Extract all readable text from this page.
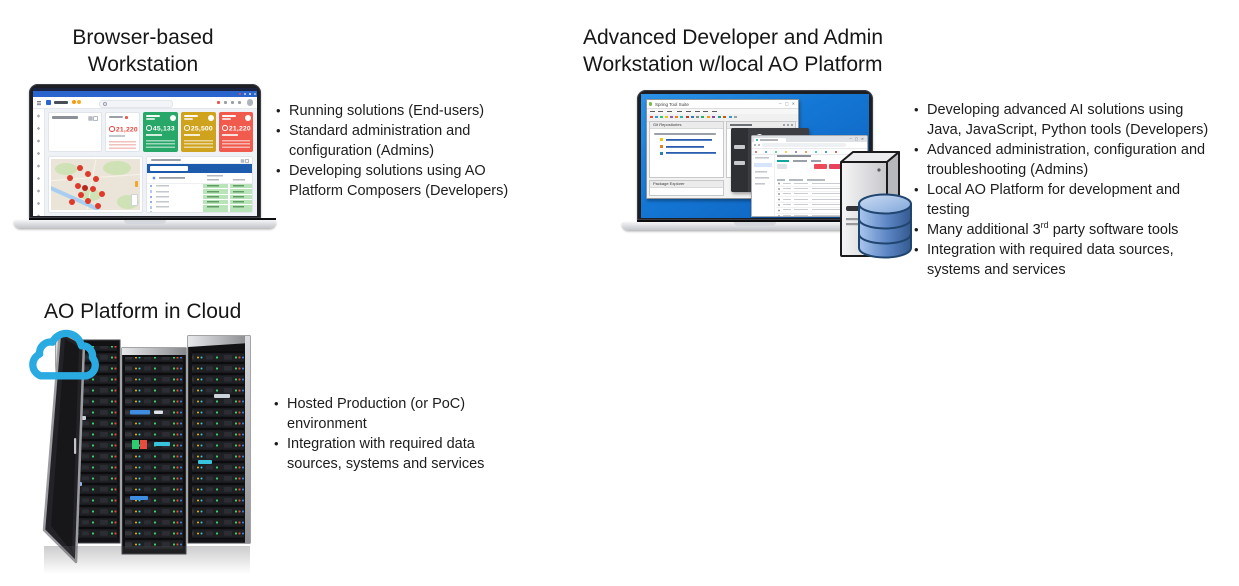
Browser-based
Workstation
21,220	45,133	25,500	21,220
• Running solutions (End-users)
• Standard administration and configuration (Admins)
• Developing solutions using AO Platform Composers (Developers)
Advanced Developer and Admin
Workstation w/local AO Platform
Spring Tool Suite	─ ▢ ✕
Git Repositories
Package Explorer
─ ▢ ✕
• Developing advanced AI solutions using Java, JavaScript, Python tools (Developers)
• Advanced administration, configuration and troubleshooting (Admins)
• Local AO Platform for development and testing
• Many additional 3rd party software tools
• Integration with required data sources, systems and services
AO Platform in Cloud
• Hosted Production (or PoC) environment
• Integration with required data sources, systems and services
